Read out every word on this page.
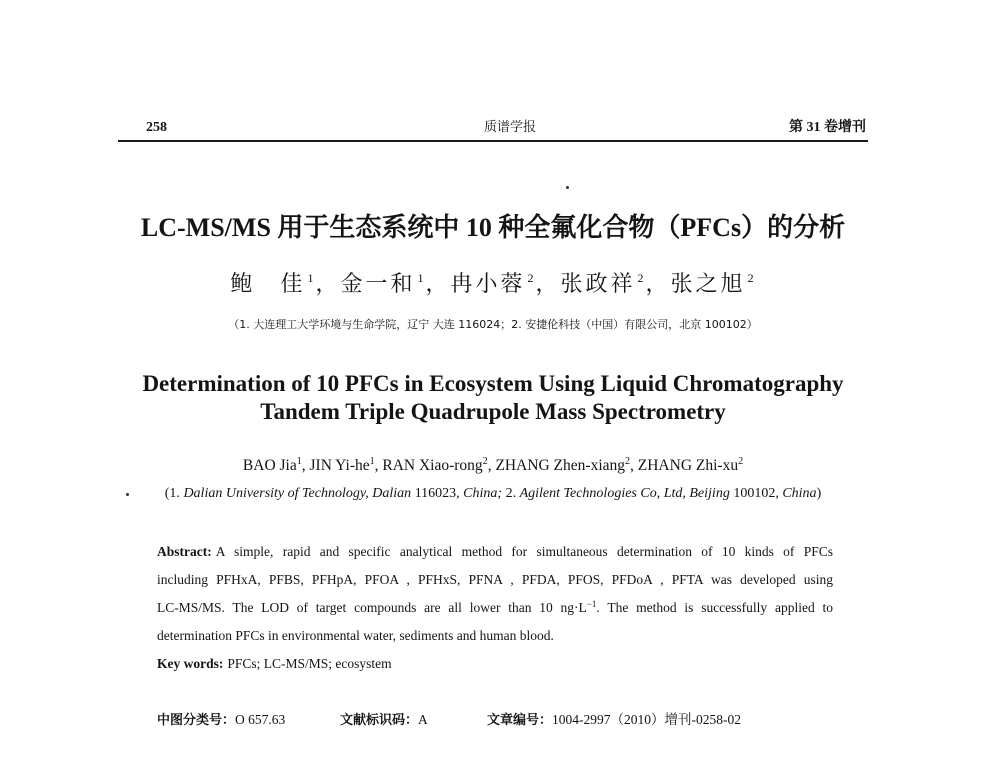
258	质谱学报	第 31 卷增刊
LC-MS/MS 用于生态系统中 10 种全氟化合物（PFCs）的分析
鲍　佳 $^1$，金一和 $^1$，冉小蓉 $^2$，张政祥 $^2$，张之旭 $^2$
（1. 大连理工大学环境与生命学院，辽宁 大连 116024；2. 安捷伦科技（中国）有限公司，北京 100102）
Determination of 10 PFCs in Ecosystem Using Liquid Chromatography
Tandem Triple Quadrupole Mass Spectrometry
BAO Jia$^1$, JIN $Yi-he^1$, RAN Xiao-rong$^2$, ZHANG Zhen-xiang$^2$, ZHANG Zhi-$xu^2$
(1. Dalian University of Technology, Dalian 116023, China; 2. Agilent Technologies Co, Ltd, Beijing 100102, China)
Abstract: A simple, rapid and specific analytical method for simultaneous determination of 10 kinds of PFCs
including PFHxA, PFBS, PFHpA, PFOA , PFHxS, PFNA , PFDA, PFOS, PFDoA , PFTA was developed using
LC-MS/MS. The LOD of target compounds are all lower than 10 $ng\cdot L^{-1}$. The method is successfully applied to
determination PFCs in environmental water, sediments and human blood.
Key words: PFCs; LC-MS/MS; ecosystem
中图分类号：O 657.63	文献标识码：A	文章编号：1004-2997（2010）增刊-0258-02
